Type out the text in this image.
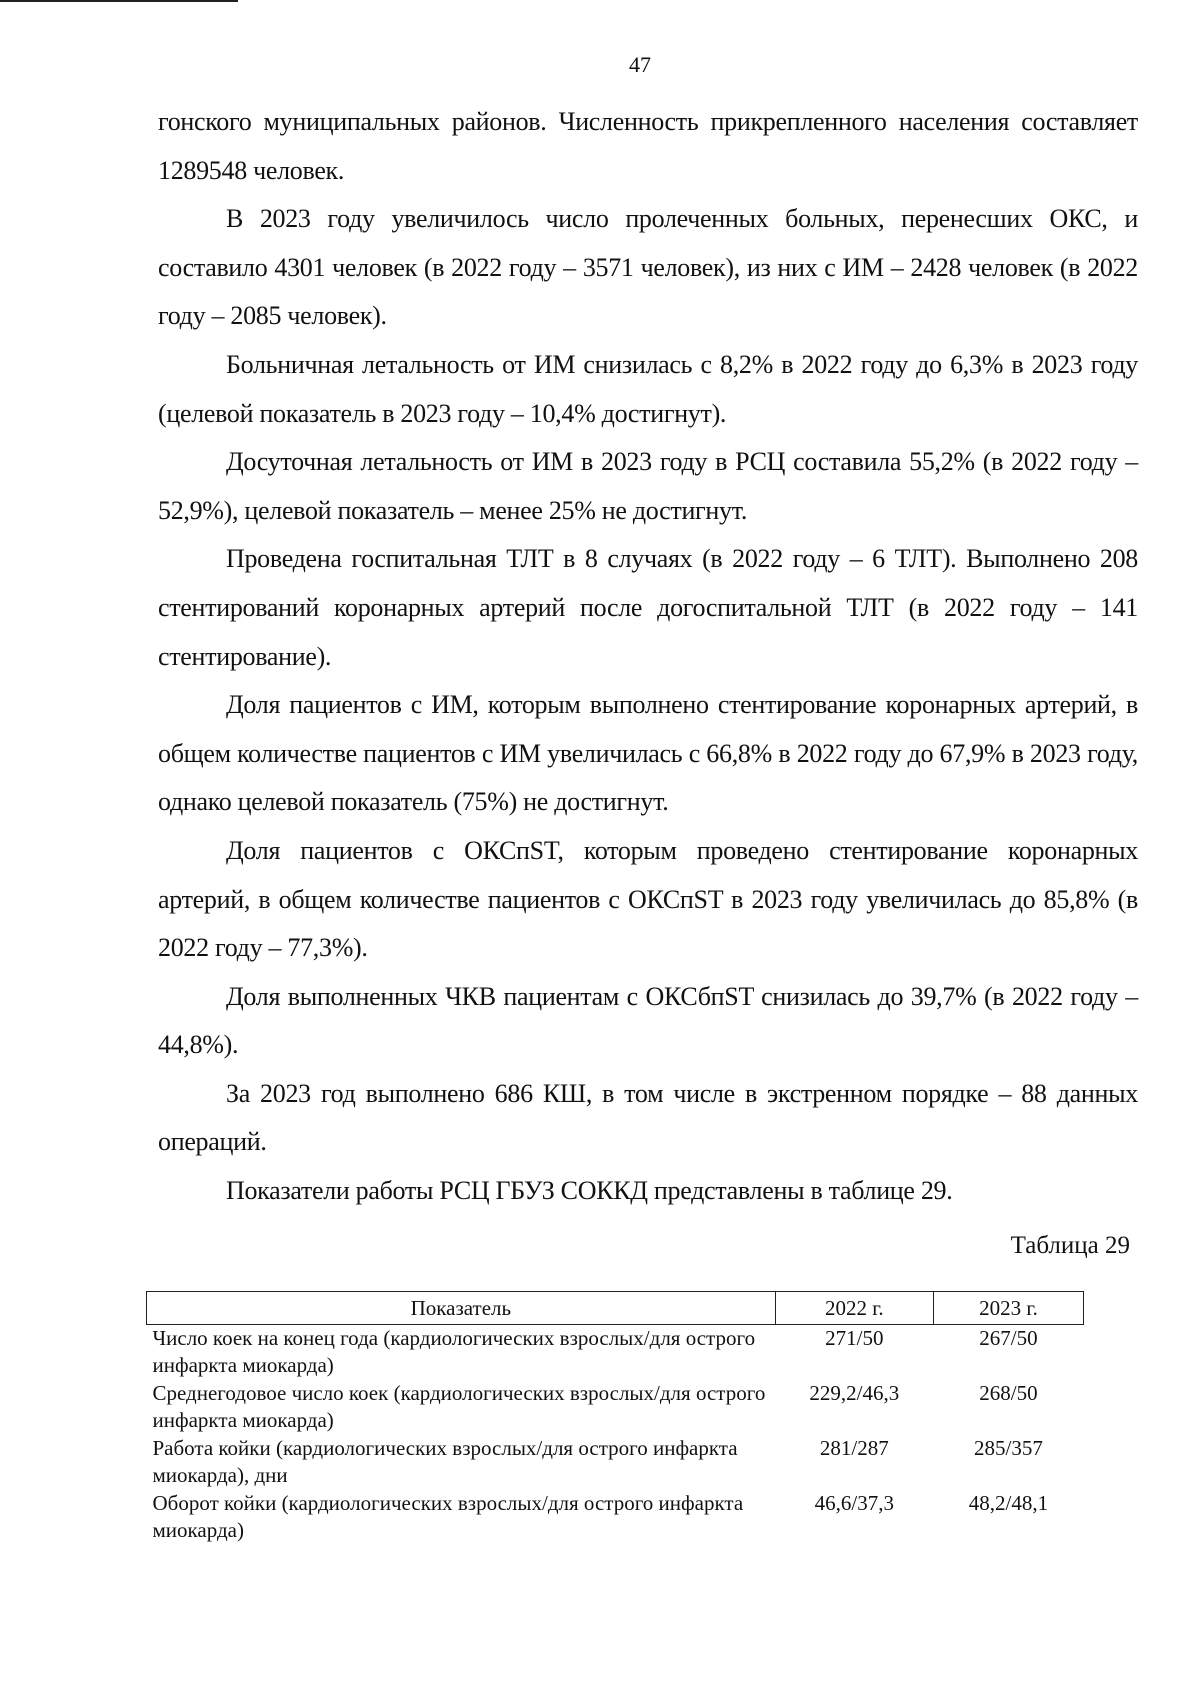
47

гонского муниципальных районов. Численность прикрепленного населения составляет 1289548 человек.

В 2023 году увеличилось число пролеченных больных, перенесших ОКС, и составило 4301 человек (в 2022 году – 3571 человек), из них с ИМ – 2428 человек (в 2022 году – 2085 человек).

Больничная летальность от ИМ снизилась с 8,2% в 2022 году до 6,3% в 2023 году (целевой показатель в 2023 году – 10,4% достигнут).

Досуточная летальность от ИМ в 2023 году в РСЦ составила 55,2% (в 2022 году – 52,9%), целевой показатель – менее 25% не достигнут.

Проведена госпитальная ТЛТ в 8 случаях (в 2022 году – 6 ТЛТ). Выполнено 208 стентирований коронарных артерий после догоспитальной ТЛТ (в 2022 году – 141 стентирование).

Доля пациентов с ИМ, которым выполнено стентирование коронарных артерий, в общем количестве пациентов с ИМ увеличилась с 66,8% в 2022 году до 67,9% в 2023 году, однако целевой показатель (75%) не достигнут.

Доля пациентов с ОКСпST, которым проведено стентирование коронарных артерий, в общем количестве пациентов с ОКСпST в 2023 году увеличилась до 85,8% (в 2022 году – 77,3%).

Доля выполненных ЧКВ пациентам с ОКСбпST снизилась до 39,7% (в 2022 году – 44,8%).

За 2023 год выполнено 686 КШ, в том числе в экстренном порядке – 88 данных операций.

Показатели работы РСЦ ГБУЗ СОККД представлены в таблице 29.

Таблица 29
Показатель	2022 г.	2023 г.
Число коек на конец года (кардиологических взрослых/для острого инфаркта миокарда)	271/50	267/50
Среднегодовое число коек (кардиологических взрослых/для острого инфаркта миокарда)	229,2/46,3	268/50
Работа койки (кардиологических взрослых/для острого инфаркта миокарда), дни	281/287	285/357
Оборот койки (кардиологических взрослых/для острого инфаркта миокарда)	46,6/37,3	48,2/48,1
